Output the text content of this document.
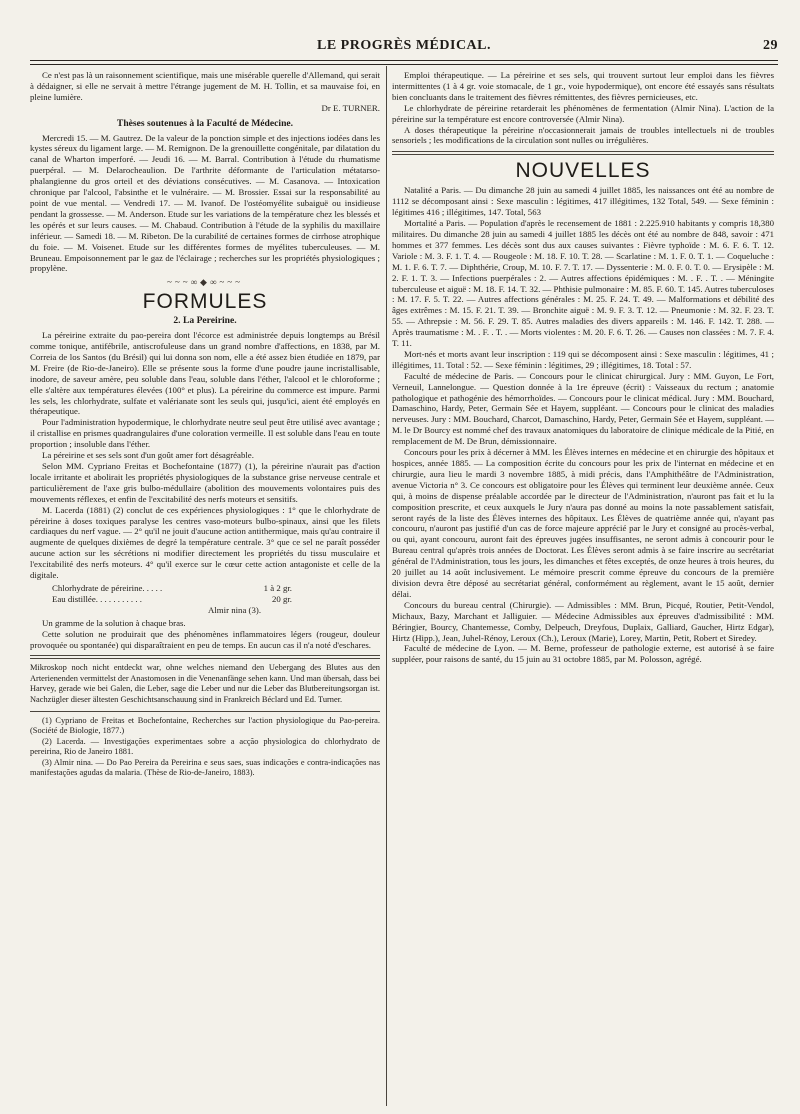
LE PROGRÈS MÉDICAL.	29

Ce n'est pas là un raisonnement scientifique, mais une misérable querelle d'Allemand, qui serait à dédaigner, si elle ne servait à mettre l'étrange jugement de M. H. Tollin, et sa mauvaise foi, en pleine lumière.

Dr E. TURNER.

Thèses soutenues à la Faculté de Médecine.

Mercredi 15. — M. Gautrez. De la valeur de la ponction simple et des injections iodées dans les kystes séreux du ligament large. — M. Remignon. De la grenouillette congénitale, par dilatation du canal de Wharton imperforé. — Jeudi 16. — M. Barral. Contribution à l'étude du rhumatisme puerpéral. — M. Delarocheaulion. De l'arthrite déformante de l'articulation métatarso-phalangienne du gros orteil et des déviations consécutives. — M. Casanova. — Intoxication chronique par l'alcool, l'absinthe et le vulnéraire. — M. Brossier. Essai sur la responsabilité au point de vue mental. — Vendredi 17. — M. Ivanof. De l'ostéomyélite subaiguë ou insidieuse pendant la grossesse. — M. Anderson. Etude sur les variations de la température chez les blessés et les opérés et sur leurs causes. — M. Chabaud. Contribution à l'étude de la syphilis du maxillaire inférieur. — Samedi 18. — M. Ribeton. De la curabilité de certaines formes de cirrhose atrophique du foie. — M. Voisenet. Etude sur les différentes formes de myélites tuberculeuses. — M. Bruneau. Empoisonnement par le gaz de l'éclairage ; recherches sur les propriétés physiologiques ; propylène.

~~~∞◆∞~~~

FORMULES

2. La Pereirine.

La péreirine extraite du pao-pereira dont l'écorce est administrée depuis longtemps au Brésil comme tonique, antifébrile, antiscrofuleuse dans un grand nombre d'affections, en 1838, par M. Correia de los Santos (du Brésil) qui lui donna son nom, elle a été assez bien étudiée en 1879, par M. Freire (de Rio-de-Janeiro). Elle se présente sous la forme d'une poudre jaune incristallisable, inodore, de saveur amère, peu soluble dans l'eau, soluble dans l'éther, l'alcool et le chloroforme ; elle s'altère aux températures élevées (100° et plus). La péreirine du commerce est impure. Parmi les sels, les chlorhydrate, sulfate et valérianate sont les seuls qui, jusqu'ici, aient été employés en thérapeutique.

Pour l'administration hypodermique, le chlorhydrate neutre seul peut être utilisé avec avantage ; il cristallise en prismes quadrangulaires d'une coloration vermeille. Il est soluble dans l'eau en toute proportion ; insoluble dans l'éther.

La péreirine et ses sels sont d'un goût amer fort désagréable.

Selon MM. Cypriano Freitas et Bochefontaine (1877) (1), la péreirine n'aurait pas d'action locale irritante et abolirait les propriétés physiologiques de la substance grise nerveuse centrale et particulièrement de l'axe gris bulbo-médullaire (abolition des mouvements volontaires puis des mouvements réflexes, et enfin de l'excitabilité des nerfs moteurs et sensitifs.

M. Lacerda (1881) (2) conclut de ces expériences physiologiques : 1° que le chlorhydrate de péreirine à doses toxiques paralyse les centres vaso-moteurs bulbo-spinaux, ainsi que les filets cardiaques du nerf vague. — 2° qu'il ne jouit d'aucune action antithermique, mais qu'au contraire il augmente de quelques dixièmes de degré la température centrale. 3° que ce sel ne paraît posséder aucune action sur les sécrétions ni modifier directement les propriétés du tissu musculaire et l'excitabilité des nerfs moteurs. 4° qu'il exerce sur le cœur cette action antagoniste et celle de la digitale.

Chlorhydrate de péreirine. . . . .	1 à 2 gr.
Eau distillée. . . . . . . . . . .	20 gr.
Almir nina (3).

Un gramme de la solution à chaque bras.

Cette solution ne produirait que des phénomènes inflammatoires légers (rougeur, douleur provoquée ou spontanée) qui disparaîtraient en peu de temps. En aucun cas il n'a noté d'eschares.

Mikroskop noch nicht entdeckt war, ohne welches niemand den Uebergang des Blutes aus den Arterienenden vermittelst der Anastomosen in die Venenanfänge sehen kann. Und man übersah, dass bei Harvey, gerade wie bei Galen, die Leber, sage die Leber und nur die Leber das Blutbereitungsorgan ist. Nachzügler dieser ältesten Geschichtsanschauung sind in Frankreich Béclard und Ed. Turner.

(1) Cypriano de Freitas et Bochefontaine, Recherches sur l'action physiologique du Pao-pereira. (Société de Biologie, 1877.)

(2) Lacerda. — Investigações experimentaes sobre a acção physiologica do chlorhydrato de pereirina, Rio de Janeiro 1881.

(3) Almir nina. — Do Pao Pereira da Pereirina e seus saes, suas indicações e contra-indicações nas manifestações agudas da malaria. (Thèse de Rio-de-Janeiro, 1883).

Emploi thérapeutique. — La péreirine et ses sels, qui trouvent surtout leur emploi dans les fièvres intermittentes (1 à 4 gr. voie stomacale, de 1 gr., voie hypodermique), ont encore été essayés sans résultats bien concluants dans le traitement des fièvres rémittentes, des fièvres pernicieuses, etc.

Le chlorhydrate de péreirine retarderait les phénomènes de fermentation (Almir Nina). L'action de la péreirine sur la température est encore controversée (Almir Nina).

A doses thérapeutique la péreirine n'occasionnerait jamais de troubles intellectuels ni de troubles sensoriels ; les modifications de la circulation sont nulles ou irrégulières.

NOUVELLES

Natalité a Paris. — Du dimanche 28 juin au samedi 4 juillet 1885, les naissances ont été au nombre de 1112 se décomposant ainsi : Sexe masculin : légitimes, 417 illégitimes, 132 Total, 549. — Sexe féminin : légitimes 416 ; illégitimes, 147. Total, 563

Mortalité a Paris. — Population d'après le recensement de 1881 : 2.225.910 habitants y compris 18,380 militaires. Du dimanche 28 juin au samedi 4 juillet 1885 les décès ont été au nombre de 848, savoir : 471 hommes et 377 femmes. Les décès sont dus aux causes suivantes : Fièvre typhoïde : M. 6. F. 6. T. 12. Variole : M. 3. F. 1. T. 4. — Rougeole : M. 18. F. 10. T. 28. — Scarlatine : M. 1. F. 0. T. 1. — Coqueluche : M. 1. F. 6. T. 7. — Diphthérie, Croup, M. 10. F. 7. T. 17. — Dyssenterie : M. 0. F. 0. T. 0. — Erysipèle : M. 2. F. 1. T. 3. — Infections puerpérales : 2. — Autres affections épidémiques : M. . F. . T. . — Méningite tuberculeuse et aiguë : M. 18. F. 14. T. 32. — Phthisie pulmonaire : M. 85. F. 60. T. 145. Autres tuberculoses : M. 17. F. 5. T. 22. — Autres affections générales : M. 25. F. 24. T. 49. — Malformations et débilité des âges extrêmes : M. 15. F. 21. T. 39. — Bronchite aiguë : M. 9. F. 3. T. 12. — Pneumonie : M. 32. F. 23. T. 55. — Athrepsie : M. 56. F. 29. T. 85. Autres maladies des divers appareils : M. 146. F. 142. T. 288. — Après traumatisme : M. . F. . T. . — Morts violentes : M. 20. F. 6. T. 26. — Causes non classées : M. 7. F. 4. T. 11.

Mort-nés et morts avant leur inscription : 119 qui se décomposent ainsi : Sexe masculin : légitimes, 41 ; illégitimes, 11. Total : 52. — Sexe féminin : légitimes, 29 ; illégitimes, 18. Total : 57.

Faculté de médecine de Paris. — Concours pour le clinicat chirurgical. Jury : MM. Guyon, Le Fort, Verneuil, Lannelongue. — Question donnée à la 1re épreuve (écrit) : Vaisseaux du rectum ; anatomie pathologique et pathogénie des hémorrhoïdes. — Concours pour le clinicat médical. Jury : MM. Bouchard, Damaschino, Hardy, Peter, Germain Sée et Hayem, suppléant. — Concours pour le clinicat des maladies nerveuses. Jury : MM. Bouchard, Charcot, Damaschino, Hardy, Peter, Germain Sée et Hayem, suppléant. — M. le Dr Bourcy est nommé chef des travaux anatomiques du laboratoire de clinique médicale de la Pitié, en remplacement de M. De Brun, démissionnaire.

Concours pour les prix à décerner à MM. les Élèves internes en médecine et en chirurgie des hôpitaux et hospices, année 1885. — La composition écrite du concours pour les prix de l'internat en médecine et en chirurgie, aura lieu le mardi 3 novembre 1885, à midi précis, dans l'Amphithéâtre de l'Administration, avenue Victoria n° 3. Ce concours est obligatoire pour les Élèves qui terminent leur deuxième année. Ceux qui, à moins de dispense préalable accordée par le directeur de l'Administration, n'auront pas fait et lu la composition prescrite, et ceux auxquels le Jury n'aura pas donné au moins la note passablement satisfait, seront rayés de la liste des Élèves internes des hôpitaux. Les Élèves de quatrième année qui, n'ayant pas concouru, n'auront pas justifié d'un cas de force majeure apprécié par le Jury et consigné au procès-verbal, ou qui, ayant concouru, auront fait des épreuves jugées insuffisantes, ne seront admis à concourir pour le Bureau central qu'après trois années de Doctorat. Les Élèves seront admis à se faire inscrire au secrétariat général de l'Administration, tous les jours, les dimanches et fêtes exceptés, de onze heures à trois heures, du 20 juillet au 14 août inclusivement. Le mémoire prescrit comme épreuve du concours de la première division devra être déposé au secrétariat général, conformément au règlement, avant le 15 août, dernier délai.

Concours du bureau central (Chirurgie). — Admissibles : MM. Brun, Picqué, Routier, Petit-Vendol, Michaux, Bazy, Marchant et Jalliguier. — Médecine Admissibles aux épreuves d'admissibilité : MM. Béringier, Bourcy, Chantemesse, Comby, Delpeuch, Dreyfous, Duplaix, Galliard, Gaucher, Hirtz Edgar), Hirtz (Hipp.), Jean, Juhel-Rénoy, Leroux (Ch.), Leroux (Marie), Lorey, Martin, Petit, Robert et Siredey.

Faculté de médecine de Lyon. — M. Berne, professeur de pathologie externe, est autorisé à se faire suppléer, pour raisons de santé, du 15 juin au 31 octobre 1885, par M. Polosson, agrégé.
